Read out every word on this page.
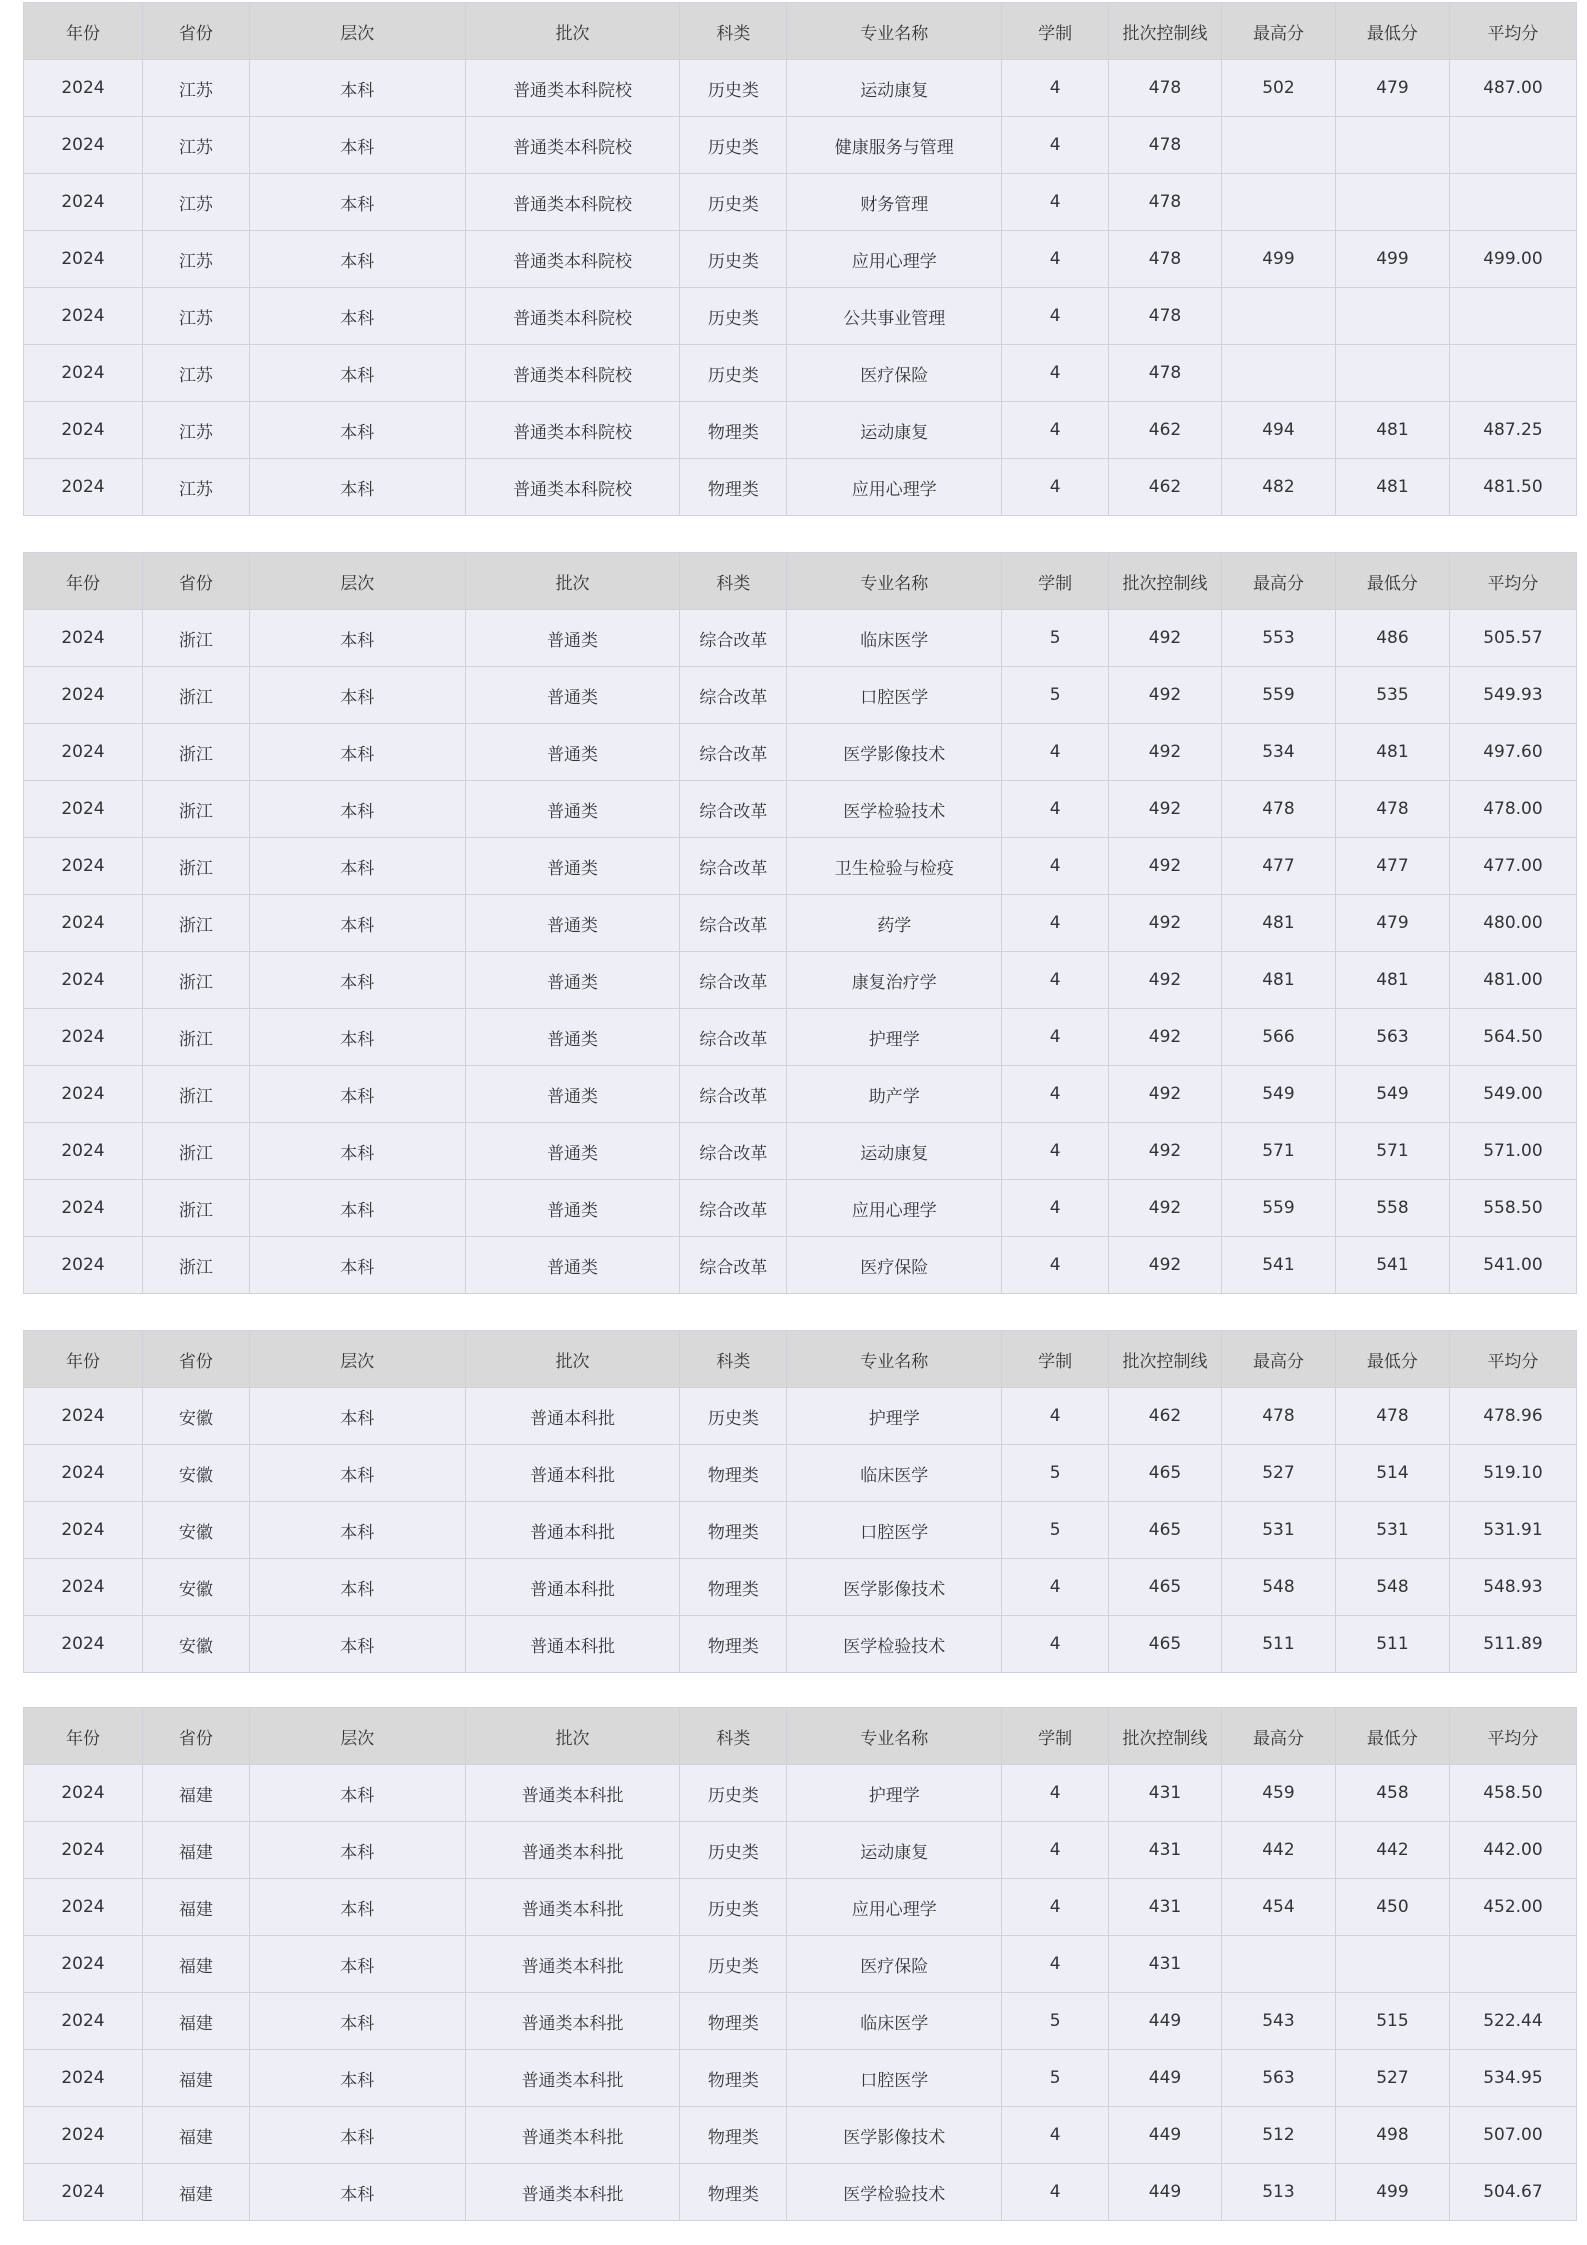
年份	省份	层次	批次	科类	专业名称	学制	批次控制线	最高分	最低分	平均分
2024	江苏	本科	普通类本科院校	历史类	运动康复	4	478	502	479	487.00
2024	江苏	本科	普通类本科院校	历史类	健康服务与管理	4	478			
2024	江苏	本科	普通类本科院校	历史类	财务管理	4	478			
2024	江苏	本科	普通类本科院校	历史类	应用心理学	4	478	499	499	499.00
2024	江苏	本科	普通类本科院校	历史类	公共事业管理	4	478			
2024	江苏	本科	普通类本科院校	历史类	医疗保险	4	478			
2024	江苏	本科	普通类本科院校	物理类	运动康复	4	462	494	481	487.25
2024	江苏	本科	普通类本科院校	物理类	应用心理学	4	462	482	481	481.50
年份	省份	层次	批次	科类	专业名称	学制	批次控制线	最高分	最低分	平均分
2024	浙江	本科	普通类	综合改革	临床医学	5	492	553	486	505.57
2024	浙江	本科	普通类	综合改革	口腔医学	5	492	559	535	549.93
2024	浙江	本科	普通类	综合改革	医学影像技术	4	492	534	481	497.60
2024	浙江	本科	普通类	综合改革	医学检验技术	4	492	478	478	478.00
2024	浙江	本科	普通类	综合改革	卫生检验与检疫	4	492	477	477	477.00
2024	浙江	本科	普通类	综合改革	药学	4	492	481	479	480.00
2024	浙江	本科	普通类	综合改革	康复治疗学	4	492	481	481	481.00
2024	浙江	本科	普通类	综合改革	护理学	4	492	566	563	564.50
2024	浙江	本科	普通类	综合改革	助产学	4	492	549	549	549.00
2024	浙江	本科	普通类	综合改革	运动康复	4	492	571	571	571.00
2024	浙江	本科	普通类	综合改革	应用心理学	4	492	559	558	558.50
2024	浙江	本科	普通类	综合改革	医疗保险	4	492	541	541	541.00
年份	省份	层次	批次	科类	专业名称	学制	批次控制线	最高分	最低分	平均分
2024	安徽	本科	普通本科批	历史类	护理学	4	462	478	478	478.96
2024	安徽	本科	普通本科批	物理类	临床医学	5	465	527	514	519.10
2024	安徽	本科	普通本科批	物理类	口腔医学	5	465	531	531	531.91
2024	安徽	本科	普通本科批	物理类	医学影像技术	4	465	548	548	548.93
2024	安徽	本科	普通本科批	物理类	医学检验技术	4	465	511	511	511.89
年份	省份	层次	批次	科类	专业名称	学制	批次控制线	最高分	最低分	平均分
2024	福建	本科	普通类本科批	历史类	护理学	4	431	459	458	458.50
2024	福建	本科	普通类本科批	历史类	运动康复	4	431	442	442	442.00
2024	福建	本科	普通类本科批	历史类	应用心理学	4	431	454	450	452.00
2024	福建	本科	普通类本科批	历史类	医疗保险	4	431			
2024	福建	本科	普通类本科批	物理类	临床医学	5	449	543	515	522.44
2024	福建	本科	普通类本科批	物理类	口腔医学	5	449	563	527	534.95
2024	福建	本科	普通类本科批	物理类	医学影像技术	4	449	512	498	507.00
2024	福建	本科	普通类本科批	物理类	医学检验技术	4	449	513	499	504.67
